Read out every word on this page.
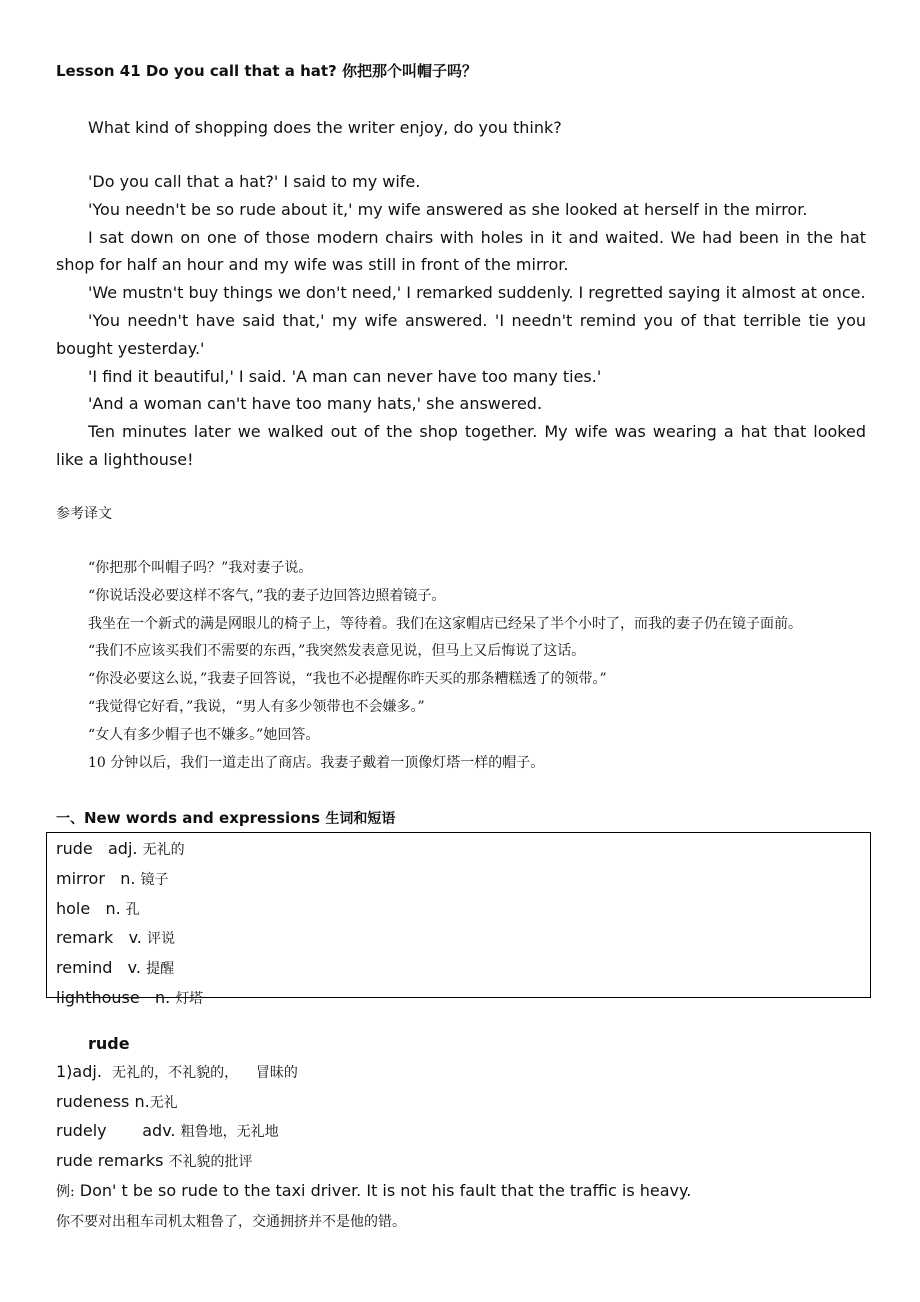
Lesson 41 Do you call that a hat? 你把那个叫帽子吗？

What kind of shopping does the writer enjoy, do you think?

'Do you call that a hat?' I said to my wife.

'You needn't be so rude about it,' my wife answered as she looked at herself in the mirror.

I sat down on one of those modern chairs with holes in it and waited. We had been in the hat shop for half an hour and my wife was still in front of the mirror.

'We mustn't buy things we don't need,' I remarked suddenly. I regretted saying it almost at once.

'You needn't have said that,' my wife answered. 'I needn't remind you of that terrible tie you bought yesterday.'

'I find it beautiful,' I said. 'A man can never have too many ties.'

'And a woman can't have too many hats,' she answered.

Ten minutes later we walked out of the shop together. My wife was wearing a hat that looked like a lighthouse!

参考译文

“你把那个叫帽子吗？”我对妻子说。

“你说话没必要这样不客气，”我的妻子边回答边照着镜子。

我坐在一个新式的满是网眼儿的椅子上，等待着。我们在这家帽店已经呆了半个小时了，而我的妻子仍在镜子面前。

“我们不应该买我们不需要的东西，”我突然发表意见说，但马上又后悔说了这话。

“你没必要这么说，”我妻子回答说，“我也不必提醒你昨天买的那条糟糕透了的领带。”

“我觉得它好看，”我说，“男人有多少领带也不会嫌多。”

“女人有多少帽子也不嫌多。”她回答。

10 分钟以后，我们一道走出了商店。我妻子戴着一顶像灯塔一样的帽子。

一、New words and expressions 生词和短语
rude adj. 无礼的
mirror n. 镜子
hole n. 孔
remark v. 评说
remind v. 提醒
lighthouse n. 灯塔
rude
1)adj. 无礼的，不礼貌的，    冒昧的
rudeness n.无礼
rudely       adv. 粗鲁地，无礼地
rude remarks 不礼貌的批评
例: Don' t be so rude to the taxi driver. It is not his fault that the traffic is heavy.
你不要对出租车司机太粗鲁了，交通拥挤并不是他的错。
